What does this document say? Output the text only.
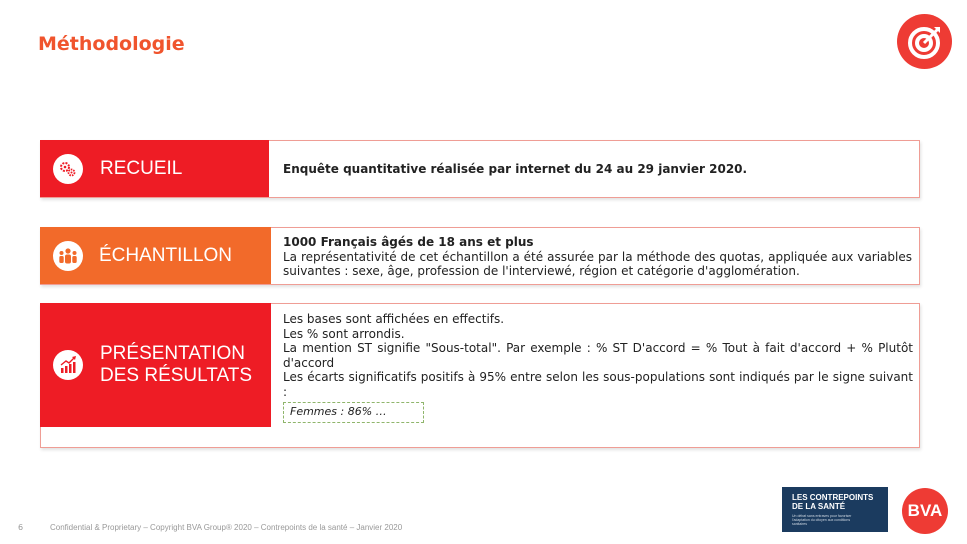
Méthodologie
RECUEIL	Enquête quantitative réalisée par internet du 24 au 29 janvier 2020.
ÉCHANTILLON
1000 Français âgés de 18 ans et plus
La représentativité de cet échantillon a été assurée par la méthode des quotas, appliquée aux variables suivantes : sexe, âge, profession de l'interviewé, région et catégorie d'agglomération.
PRÉSENTATION
DES RÉSULTATS
Les bases sont affichées en effectifs.
Les % sont arrondis.
La mention ST signifie "Sous-total". Par exemple : % ST D'accord = % Tout à fait d'accord + % Plutôt d'accord
Les écarts significatifs positifs à 95% entre selon les sous-populations sont indiqués par le signe suivant :
Femmes : 86% …
6	Confidential & Proprietary – Copyright BVA Group® 2020 – Contrepoints de la santé – Janvier 2020
LES CONTREPOINTS
DE LA SANTÉ
Un débat sans entraves pour favoriser l'adaptation du citoyen aux conditions sanitaires
BVA
